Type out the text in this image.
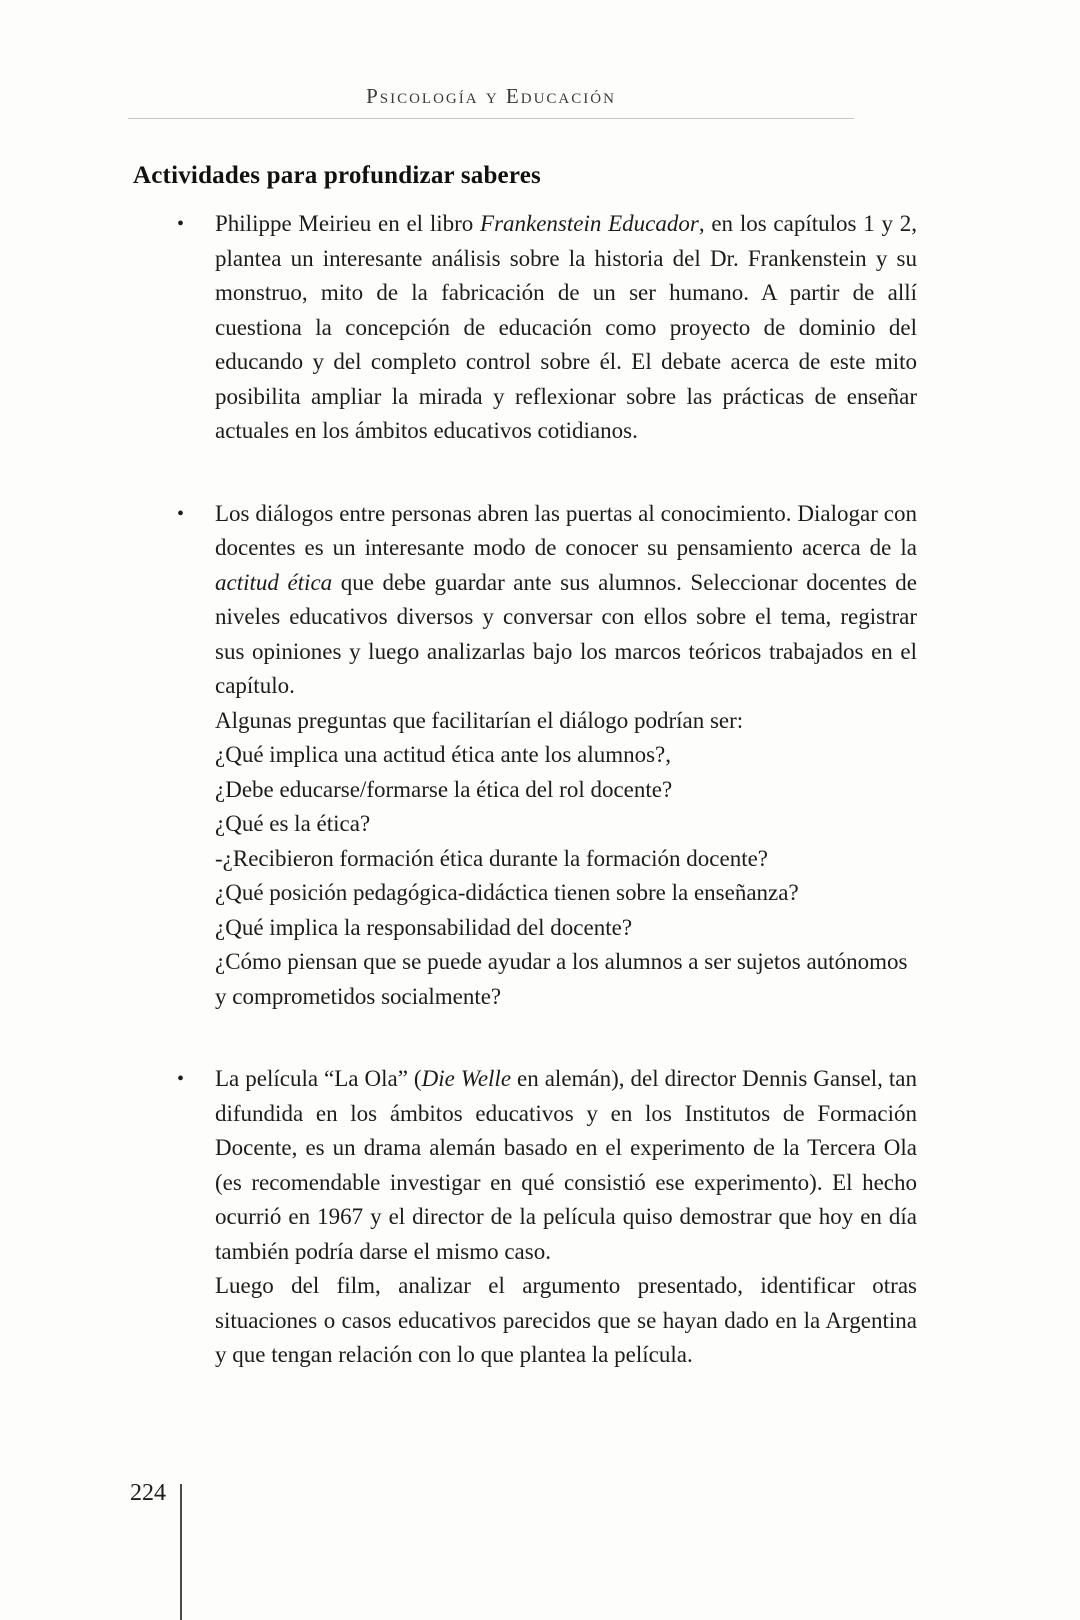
Psicología y Educación
Actividades para profundizar saberes
• Philippe Meirieu en el libro Frankenstein Educador, en los capítulos 1 y 2, plantea un interesante análisis sobre la historia del Dr. Frankenstein y su monstruo, mito de la fabricación de un ser humano. A partir de allí cuestiona la concepción de educación como proyecto de dominio del educando y del completo control sobre él. El debate acerca de este mito posibilita ampliar la mirada y reflexionar sobre las prácticas de enseñar actuales en los ámbitos educativos cotidianos.

• Los diálogos entre personas abren las puertas al conocimiento. Dialogar con docentes es un interesante modo de conocer su pensamiento acerca de la actitud ética que debe guardar ante sus alumnos. Seleccionar docentes de niveles educativos diversos y conversar con ellos sobre el tema, registrar sus opiniones y luego analizarlas bajo los marcos teóricos trabajados en el capítulo.

Algunas preguntas que facilitarían el diálogo podrían ser:
¿Qué implica una actitud ética ante los alumnos?,
¿Debe educarse/formarse la ética del rol docente?
¿Qué es la ética?
-¿Recibieron formación ética durante la formación docente?
¿Qué posición pedagógica-didáctica tienen sobre la enseñanza?
¿Qué implica la responsabilidad del docente?
¿Cómo piensan que se puede ayudar a los alumnos a ser sujetos autónomos y comprometidos socialmente?
• La película “La Ola” (Die Welle en alemán), del director Dennis Gansel, tan difundida en los ámbitos educativos y en los Institutos de Formación Docente, es un drama alemán basado en el experimento de la Tercera Ola (es recomendable investigar en qué consistió ese experimento). El hecho ocurrió en 1967 y el director de la película quiso demostrar que hoy en día también podría darse el mismo caso.

Luego del film, analizar el argumento presentado, identificar otras situaciones o casos educativos parecidos que se hayan dado en la Argentina y que tengan relación con lo que plantea la película.

224
